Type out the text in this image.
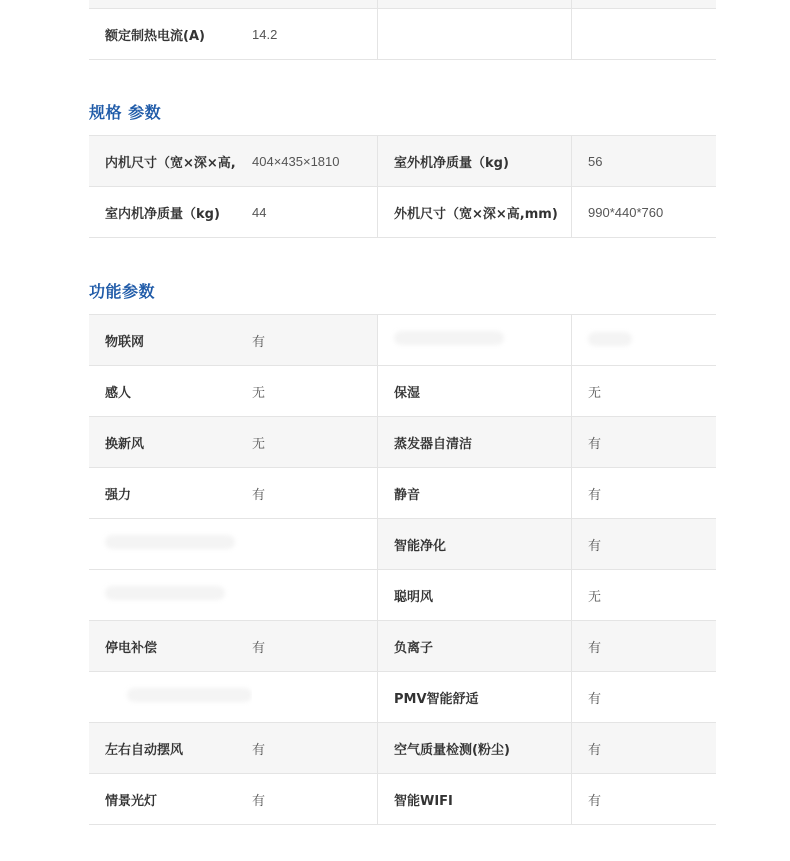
额定制热电流(A)	14.2		
规格 参数
内机尺寸（宽×深×高,	404×435×1810	室外机净质量（kg)	56
室内机净质量（kg)	44	外机尺寸（宽×深×高,mm)	990*440*760
功能参数
物联网	有		
感人	无	保湿	无
换新风	无	蒸发器自清洁	有
强力	有	静音	有
		智能净化	有
		聪明风	无
停电补偿	有	负离子	有
		PMV智能舒适	有
左右自动摆风	有	空气质量检测(粉尘)	有
情景光灯	有	智能WIFI	有
